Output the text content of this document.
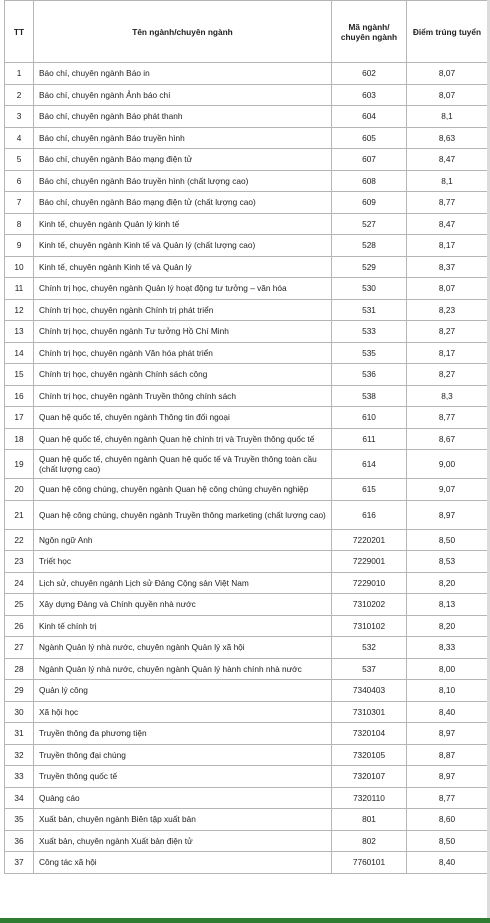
TT	Tên ngành/chuyên ngành	Mã ngành/ chuyên ngành	Điểm trúng tuyển
1	Báo chí, chuyên ngành Báo in	602	8,07
2	Báo chí, chuyên ngành Ảnh báo chí	603	8,07
3	Báo chí, chuyên ngành Báo phát thanh	604	8,1
4	Báo chí, chuyên ngành Báo truyền hình	605	8,63
5	Báo chí, chuyên ngành Báo mạng điện tử	607	8,47
6	Báo chí, chuyên ngành Báo truyền hình (chất lượng cao)	608	8,1
7	Báo chí, chuyên ngành Báo mạng điện tử (chất lượng cao)	609	8,77
8	Kinh tế, chuyên ngành Quản lý kinh tế	527	8,47
9	Kinh tế, chuyên ngành Kinh tế và Quản lý (chất lượng cao)	528	8,17
10	Kinh tế, chuyên ngành Kinh tế và Quản lý	529	8,37
11	Chính trị học, chuyên ngành Quản lý hoạt động tư tưởng – văn hóa	530	8,07
12	Chính trị học, chuyên ngành Chính trị phát triển	531	8,23
13	Chính trị học, chuyên ngành Tư tưởng Hồ Chí Minh	533	8,27
14	Chính trị học, chuyên ngành Văn hóa phát triển	535	8,17
15	Chính trị học, chuyên ngành Chính sách công	536	8,27
16	Chính trị học, chuyên ngành Truyền thông chính sách	538	8,3
17	Quan hệ quốc tế, chuyên ngành Thông tin đối ngoại	610	8,77
18	Quan hệ quốc tế, chuyên ngành Quan hệ chính trị và Truyền thông quốc tế	611	8,67
19	Quan hệ quốc tế, chuyên ngành Quan hệ quốc tế và Truyền thông toàn cầu (chất lượng cao)	614	9,00
20	Quan hệ công chúng, chuyên ngành Quan hệ công chúng chuyên nghiệp	615	9,07
21	Quan hệ công chúng, chuyên ngành Truyền thông marketing (chất lượng cao)	616	8,97
22	Ngôn ngữ Anh	7220201	8,50
23	Triết học	7229001	8,53
24	Lịch sử, chuyên ngành Lịch sử Đảng Cộng sản Việt Nam	7229010	8,20
25	Xây dựng Đảng và Chính quyền nhà nước	7310202	8,13
26	Kinh tế chính trị	7310102	8,20
27	Ngành Quản lý nhà nước, chuyên ngành Quản lý xã hội	532	8,33
28	Ngành Quản lý nhà nước, chuyên ngành Quản lý hành chính nhà nước	537	8,00
29	Quản lý công	7340403	8,10
30	Xã hội học	7310301	8,40
31	Truyền thông đa phương tiện	7320104	8,97
32	Truyền thông đại chúng	7320105	8,87
33	Truyền thông quốc tế	7320107	8,97
34	Quảng cáo	7320110	8,77
35	Xuất bản, chuyên ngành Biên tập xuất bản	801	8,60
36	Xuất bản, chuyên ngành Xuất bản điện tử	802	8,50
37	Công tác xã hội	7760101	8,40
